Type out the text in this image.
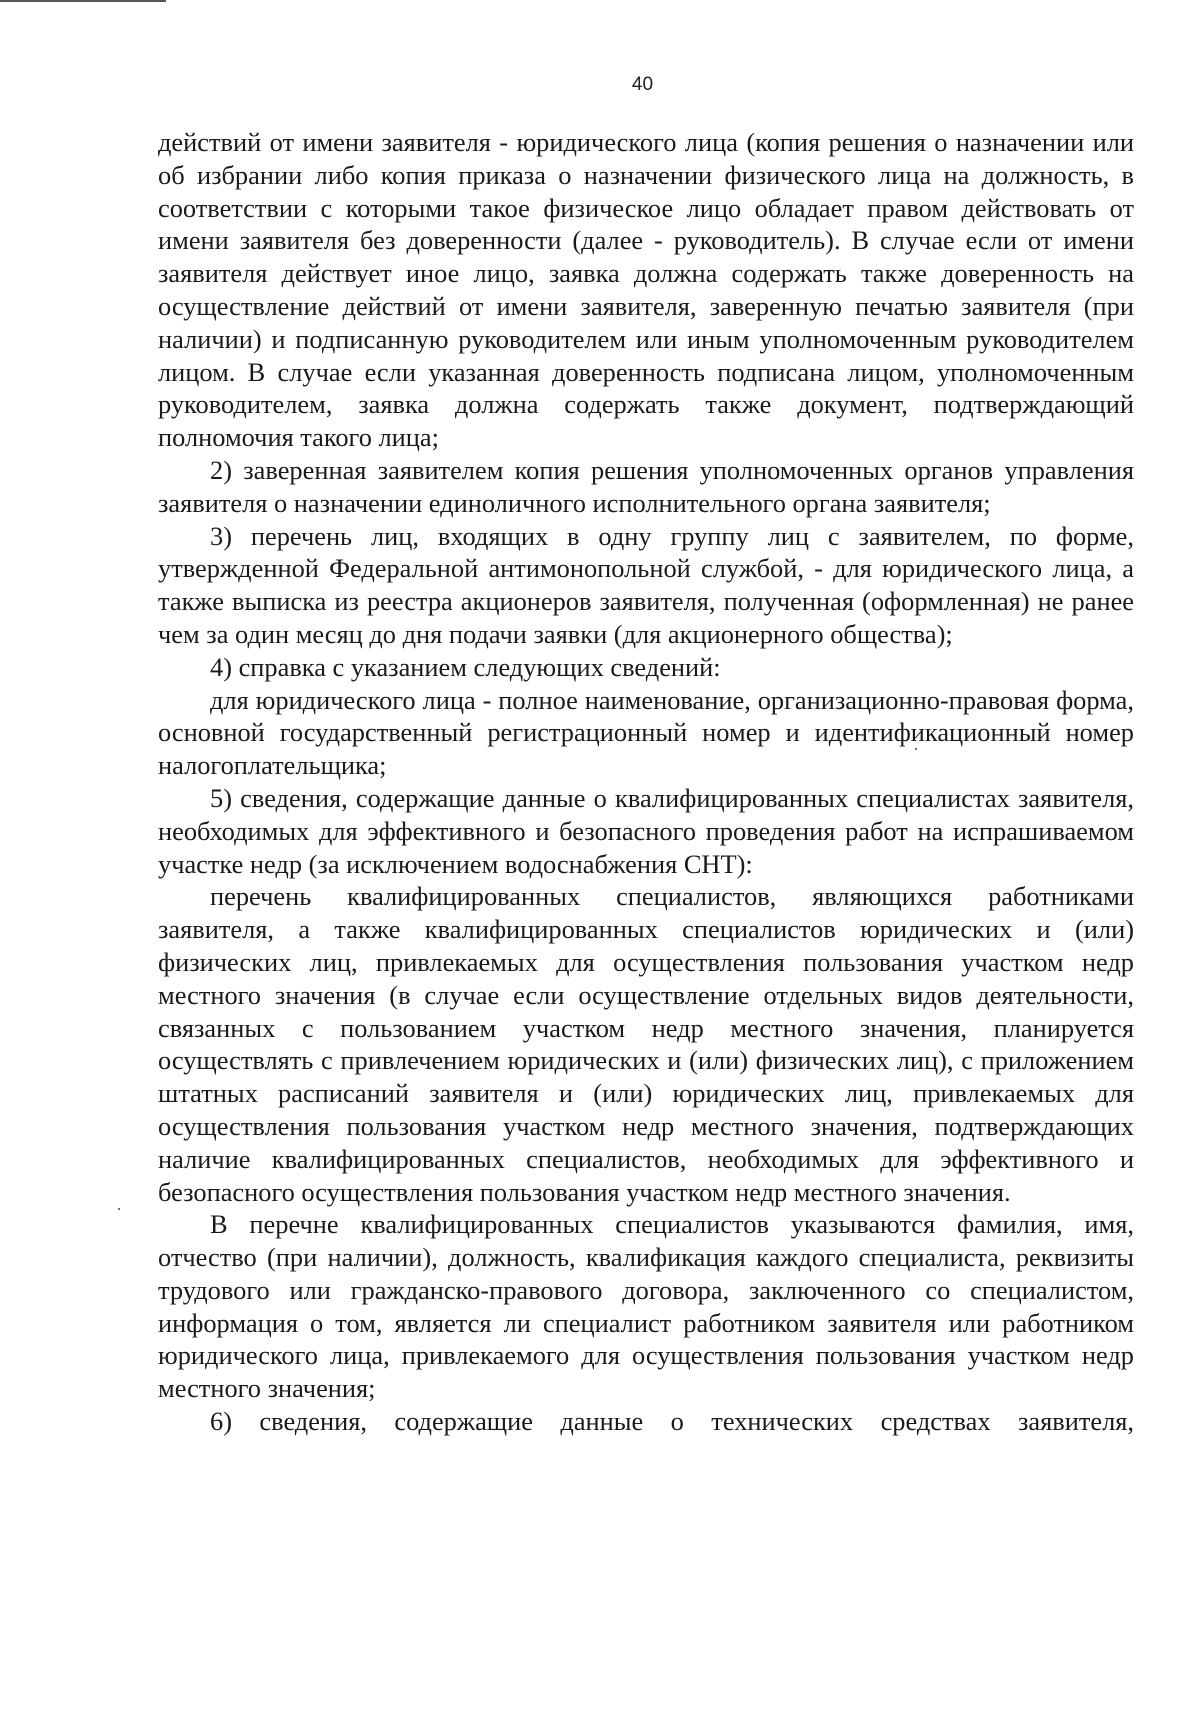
40

действий от имени заявителя - юридического лица (копия решения о назначении или об избрании либо копия приказа о назначении физического лица на должность, в соответствии с которыми такое физическое лицо обладает правом действовать от имени заявителя без доверенности (далее - руководитель). В случае если от имени заявителя действует иное лицо, заявка должна содержать также доверенность на осуществление действий от имени заявителя, заверенную печатью заявителя (при наличии) и подписанную руководителем или иным уполномоченным руководителем лицом. В случае если указанная доверенность подписана лицом, уполномоченным руководителем, заявка должна содержать также документ, подтверждающий полномочия такого лица;

2) заверенная заявителем копия решения уполномоченных органов управления заявителя о назначении единоличного исполнительного органа заявителя;

3) перечень лиц, входящих в одну группу лиц с заявителем, по форме, утвержденной Федеральной антимонопольной службой, - для юридического лица, а также выписка из реестра акционеров заявителя, полученная (оформленная) не ранее чем за один месяц до дня подачи заявки (для акционерного общества);

4) справка с указанием следующих сведений:

для юридического лица - полное наименование, организационно-правовая форма, основной государственный регистрационный номер и идентификационный номер налогоплательщика;

5) сведения, содержащие данные о квалифицированных специалистах заявителя, необходимых для эффективного и безопасного проведения работ на испрашиваемом участке недр (за исключением водоснабжения СНТ):

перечень квалифицированных специалистов, являющихся работниками заявителя, а также квалифицированных специалистов юридических и (или) физических лиц, привлекаемых для осуществления пользования участком недр местного значения (в случае если осуществление отдельных видов деятельности, связанных с пользованием участком недр местного значения, планируется осуществлять с привлечением юридических и (или) физических лиц), с приложением штатных расписаний заявителя и (или) юридических лиц, привлекаемых для осуществления пользования участком недр местного значения, подтверждающих наличие квалифицированных специалистов, необходимых для эффективного и безопасного осуществления пользования участком недр местного значения.

В перечне квалифицированных специалистов указываются фамилия, имя, отчество (при наличии), должность, квалификация каждого специалиста, реквизиты трудового или гражданско-правового договора, заключенного со специалистом, информация о том, является ли специалист работником заявителя или работником юридического лица, привлекаемого для осуществления пользования участком недр местного значения;

6) сведения, содержащие данные о технических средствах заявителя,
